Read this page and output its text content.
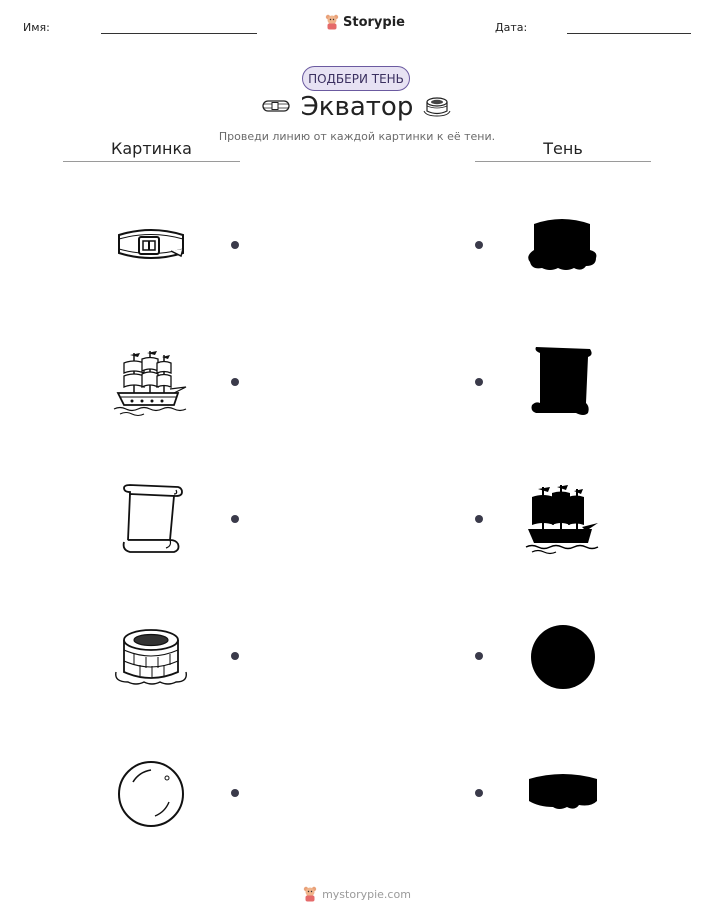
Имя:	Storypie	Дата:
ПОДБЕРИ ТЕНЬ
Экватор
Проведи линию от каждой картинки к её тени.
Картинка	Тень
mystorypie.com
